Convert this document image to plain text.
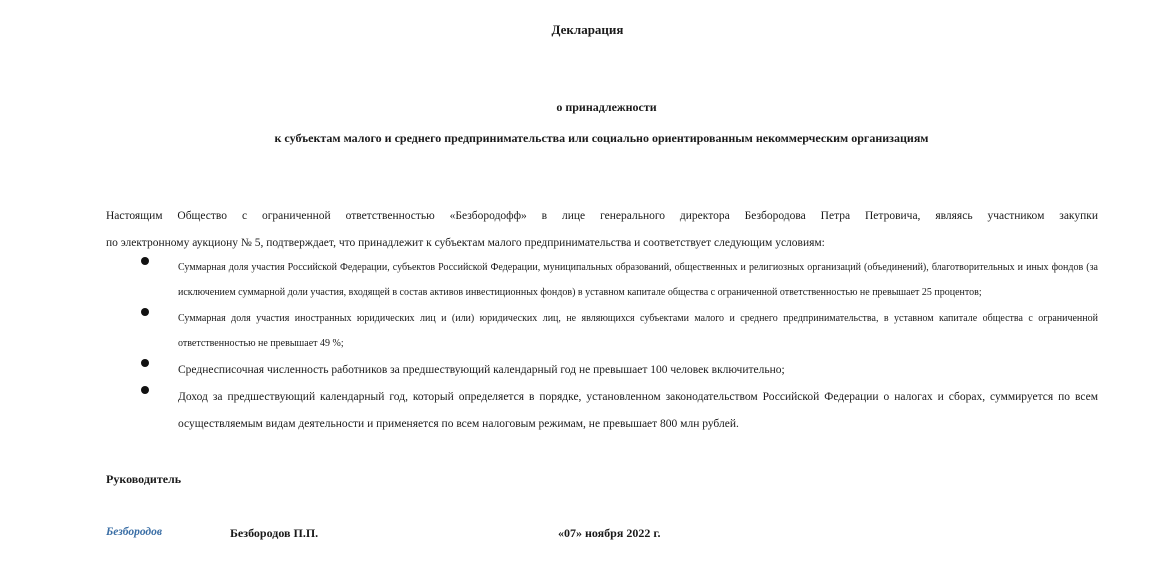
Декларация
о принадлежности
к субъектам малого и среднего предпринимательства или социально ориентированным некоммерческим организациям
Настоящим Общество с ограниченной ответственностью «Безбородофф» в лице генерального директора Безбородова Петра Петровича, являясь участником закупки
по электронному аукциону № 5, подтверждает, что принадлежит к субъектам малого предпринимательства и соответствует следующим условиям:
Суммарная доля участия Российской Федерации, субъектов Российской Федерации, муниципальных образований, общественных и религиозных организаций (объединений), благотворительных и иных фондов (за исключением суммарной доли участия, входящей в состав активов инвестиционных фондов) в уставном капитале общества с ограниченной ответственностью не превышает 25 процентов;
Суммарная доля участия иностранных юридических лиц и (или) юридических лиц, не являющихся субъектами малого и среднего предпринимательства, в уставном капитале общества с ограниченной ответственностью не превышает 49 %;
Среднесписочная численность работников за предшествующий календарный год не превышает 100 человек включительно;
Доход за предшествующий календарный год, который определяется в порядке, установленном законодательством Российской Федерации о налогах и сборах, суммируется по всем осуществляемым видам деятельности и применяется по всем налоговым режимам, не превышает 800 млн рублей.
Руководитель
Безбородов	Безбородов П.П.	«07» ноября 2022 г.
